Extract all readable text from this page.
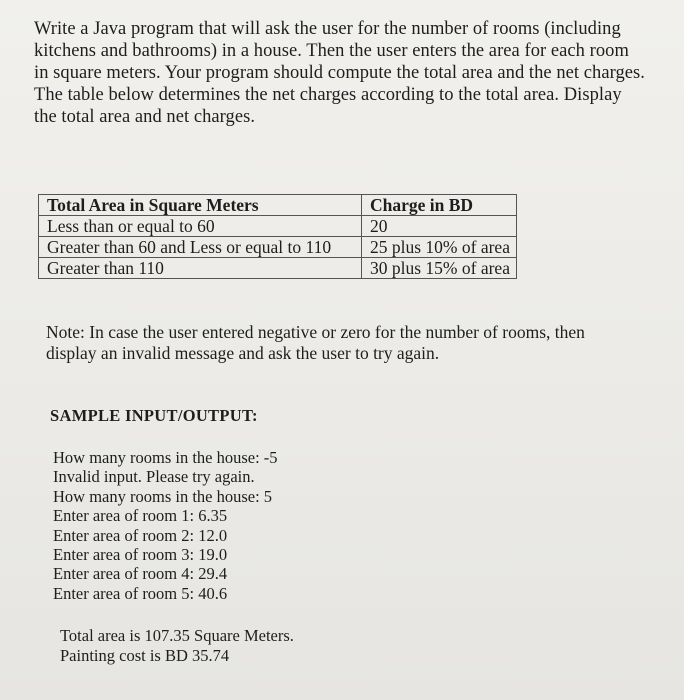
Write a Java program that will ask the user for the number of rooms (including
kitchens and bathrooms) in a house. Then the user enters the area for each room
in square meters. Your program should compute the total area and the net charges.
The table below determines the net charges according to the total area. Display
the total area and net charges.

Total Area in Square Meters	Charge in BD
Less than or equal to 60	20
Greater than 60 and Less or equal to 110	25 plus 10% of area
Greater than 110	30 plus 15% of area

Note: In case the user entered negative or zero for the number of rooms, then
display an invalid message and ask the user to try again.

SAMPLE INPUT/OUTPUT:
How many rooms in the house: -5
Invalid input. Please try again.
How many rooms in the house: 5
Enter area of room 1: 6.35
Enter area of room 2: 12.0
Enter area of room 3: 19.0
Enter area of room 4: 29.4
Enter area of room 5: 40.6
Total area is 107.35 Square Meters.
Painting cost is BD 35.74
